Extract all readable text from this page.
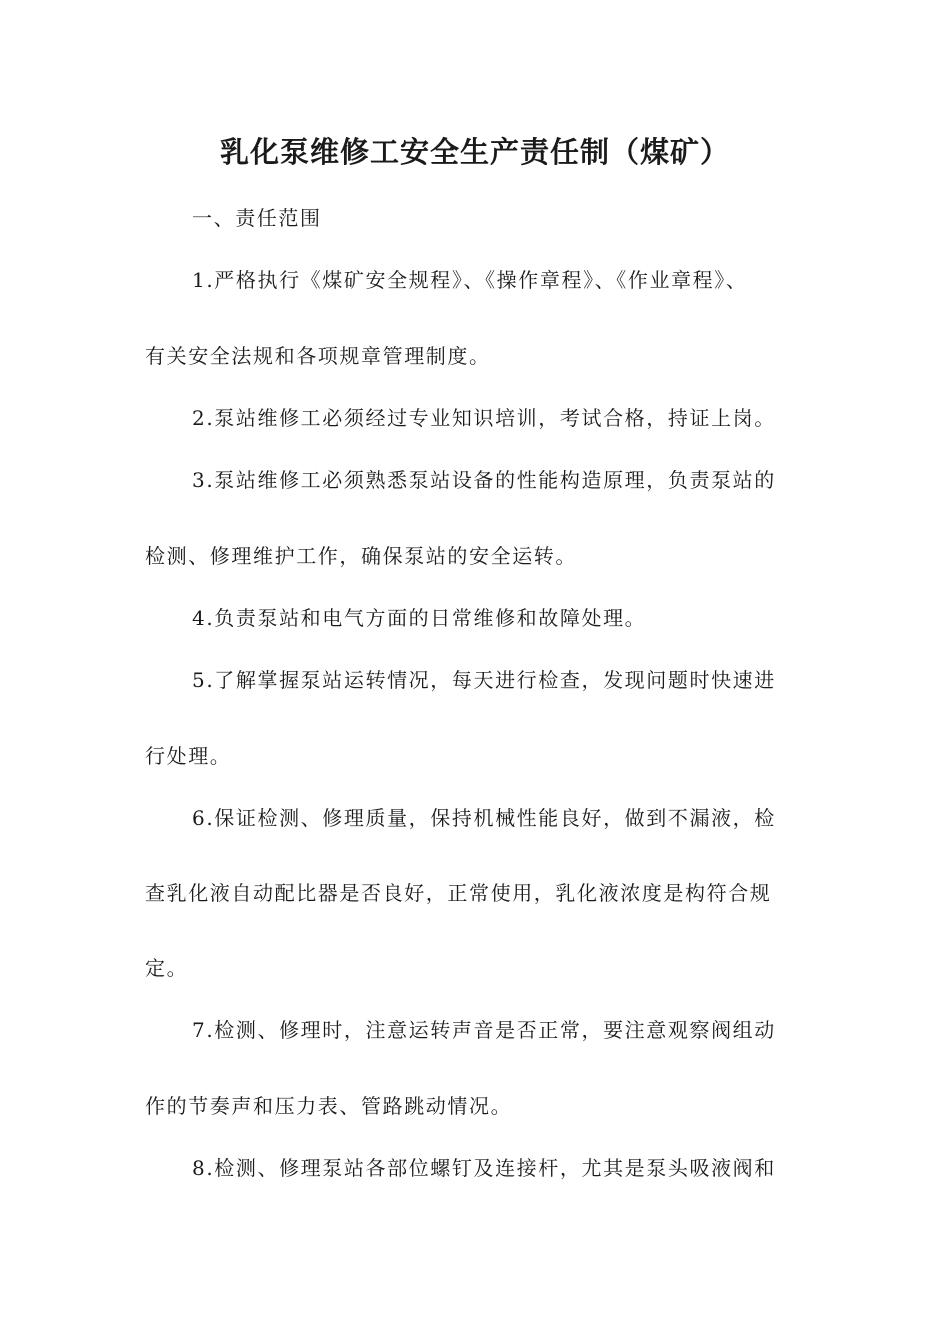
乳化泵维修工安全生产责任制（煤矿）
一、责任范围
1.严格执行《煤矿安全规程》、《操作章程》、《作业章程》、
有关安全法规和各项规章管理制度。
2.泵站维修工必须经过专业知识培训，考试合格，持证上岗。
3.泵站维修工必须熟悉泵站设备的性能构造原理，负责泵站的
检测、修理维护工作，确保泵站的安全运转。
4.负责泵站和电气方面的日常维修和故障处理。
5.了解掌握泵站运转情况，每天进行检查，发现问题时快速进
行处理。
6.保证检测、修理质量，保持机械性能良好，做到不漏液，检
查乳化液自动配比器是否良好，正常使用，乳化液浓度是构符合规
定。
7.检测、修理时，注意运转声音是否正常，要注意观察阀组动
作的节奏声和压力表、管路跳动情况。
8.检测、修理泵站各部位螺钉及连接杆，尤其是泵头吸液阀和
